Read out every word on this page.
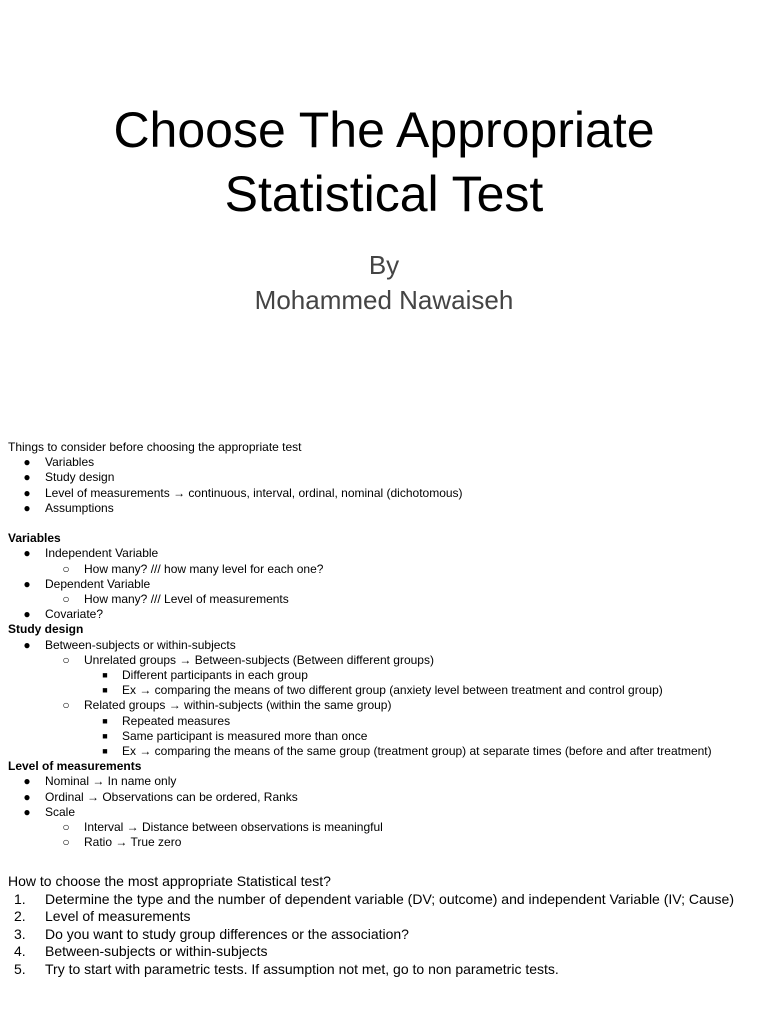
Choose The Appropriate
Statistical Test
By
Mohammed Nawaiseh
Things to consider before choosing the appropriate test
●	Variables
●	Study design
●	Level of measurements → continuous, interval, ordinal, nominal (dichotomous)
●	Assumptions
Variables
●	Independent Variable
○	How many? /// how many level for each one?
●	Dependent Variable
○	How many? /// Level of measurements
●	Covariate?
Study design
●	Between-subjects or within-subjects
○	Unrelated groups → Between-subjects (Between different groups)
■	Different participants in each group
■	Ex → comparing the means of two different group (anxiety level between treatment and control group)
○	Related groups → within-subjects (within the same group)
■	Repeated measures
■	Same participant is measured more than once
■	Ex → comparing the means of the same group (treatment group) at separate times (before and after treatment)
Level of measurements
●	Nominal → In name only
●	Ordinal → Observations can be ordered, Ranks
●	Scale
○	Interval → Distance between observations is meaningful
○	Ratio → True zero
How to choose the most appropriate Statistical test?
1. Determine the type and the number of dependent variable (DV; outcome) and independent Variable (IV; Cause)
2. Level of measurements
3. Do you want to study group differences or the association?
4. Between-subjects or within-subjects
5. Try to start with parametric tests. If assumption not met, go to non parametric tests.
